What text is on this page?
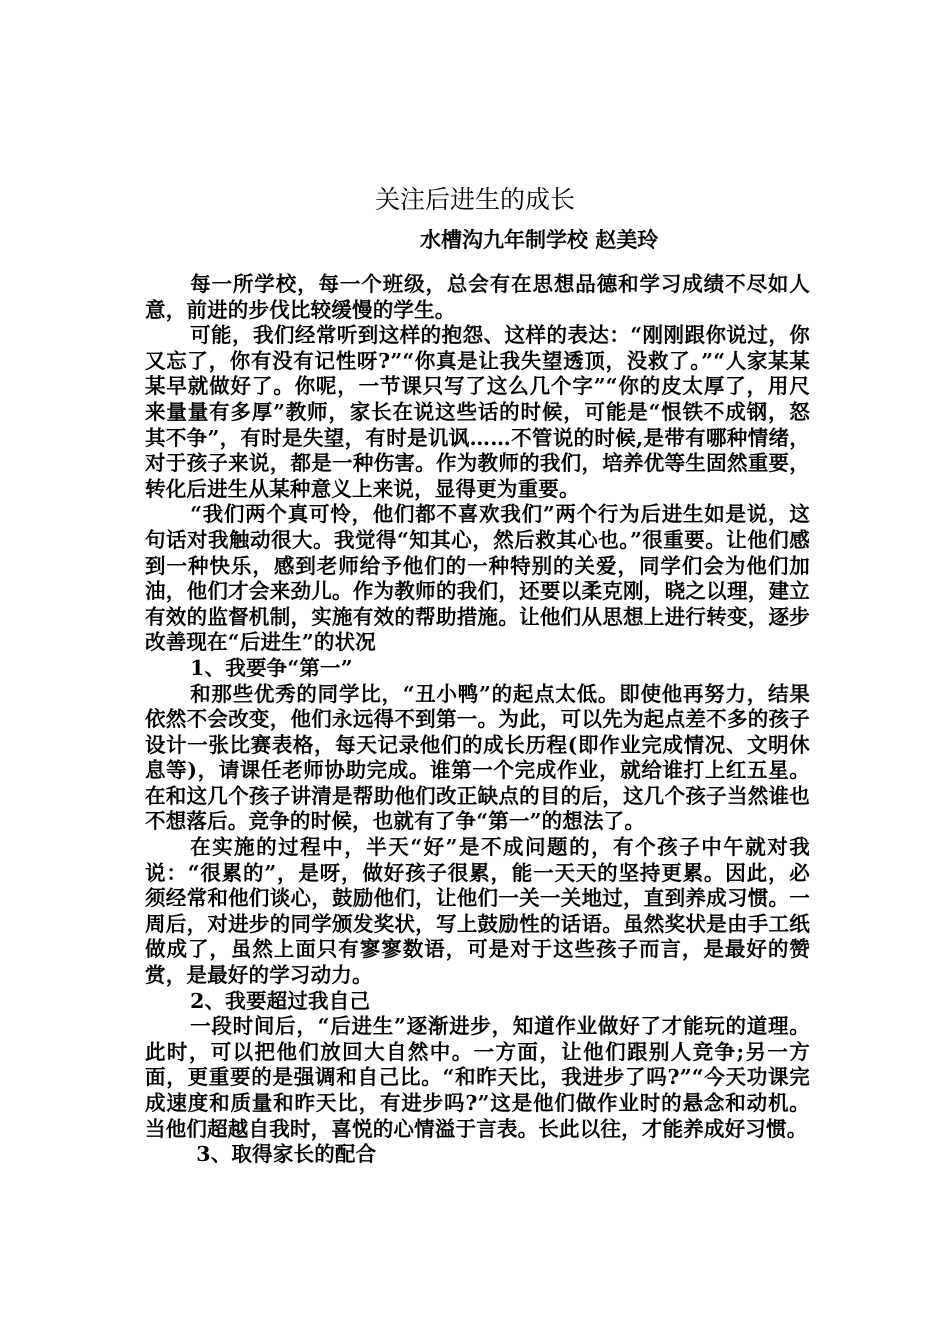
关注后进生的成长
水槽沟九年制学校 赵美玲

每一所学校，每一个班级，总会有在思想品德和学习成绩不尽如人意，前进的步伐比较缓慢的学生。

可能，我们经常听到这样的抱怨、这样的表达：“刚刚跟你说过，你又忘了，你有没有记性呀?”“你真是让我失望透顶，没救了。”“人家某某某早就做好了。你呢，一节课只写了这么几个字”“你的皮太厚了，用尺来量量有多厚”教师，家长在说这些话的时候，可能是“恨铁不成钢，怒其不争”，有时是失望，有时是讥讽……不管说的时候,是带有哪种情绪，对于孩子来说，都是一种伤害。作为教师的我们，培养优等生固然重要，转化后进生从某种意义上来说，显得更为重要。

“我们两个真可怜，他们都不喜欢我们”两个行为后进生如是说，这句话对我触动很大。我觉得“知其心，然后救其心也。”很重要。让他们感到一种快乐，感到老师给予他们的一种特别的关爱，同学们会为他们加油，他们才会来劲儿。作为教师的我们，还要以柔克刚，晓之以理，建立有效的监督机制，实施有效的帮助措施。让他们从思想上进行转变，逐步改善现在“后进生”的状况

1、我要争“第一”

和那些优秀的同学比，“丑小鸭”的起点太低。即使他再努力，结果依然不会改变，他们永远得不到第一。为此，可以先为起点差不多的孩子设计一张比赛表格，每天记录他们的成长历程(即作业完成情况、文明休息等)，请课任老师协助完成。谁第一个完成作业，就给谁打上红五星。在和这几个孩子讲清是帮助他们改正缺点的目的后，这几个孩子当然谁也不想落后。竞争的时候，也就有了争“第一”的想法了。

在实施的过程中，半天“好”是不成问题的，有个孩子中午就对我说：“很累的”，是呀，做好孩子很累，能一天天的坚持更累。因此，必须经常和他们谈心，鼓励他们，让他们一关一关地过，直到养成习惯。一周后，对进步的同学颁发奖状，写上鼓励性的话语。虽然奖状是由手工纸做成了，虽然上面只有寥寥数语，可是对于这些孩子而言，是最好的赞赏，是最好的学习动力。

2、我要超过我自己

一段时间后，“后进生”逐渐进步，知道作业做好了才能玩的道理。此时，可以把他们放回大自然中。一方面，让他们跟别人竞争;另一方面，更重要的是强调和自己比。“和昨天比，我进步了吗?”“今天功课完成速度和质量和昨天比，有进步吗?”这是他们做作业时的悬念和动机。当他们超越自我时，喜悦的心情溢于言表。长此以往，才能养成好习惯。

3、取得家长的配合
